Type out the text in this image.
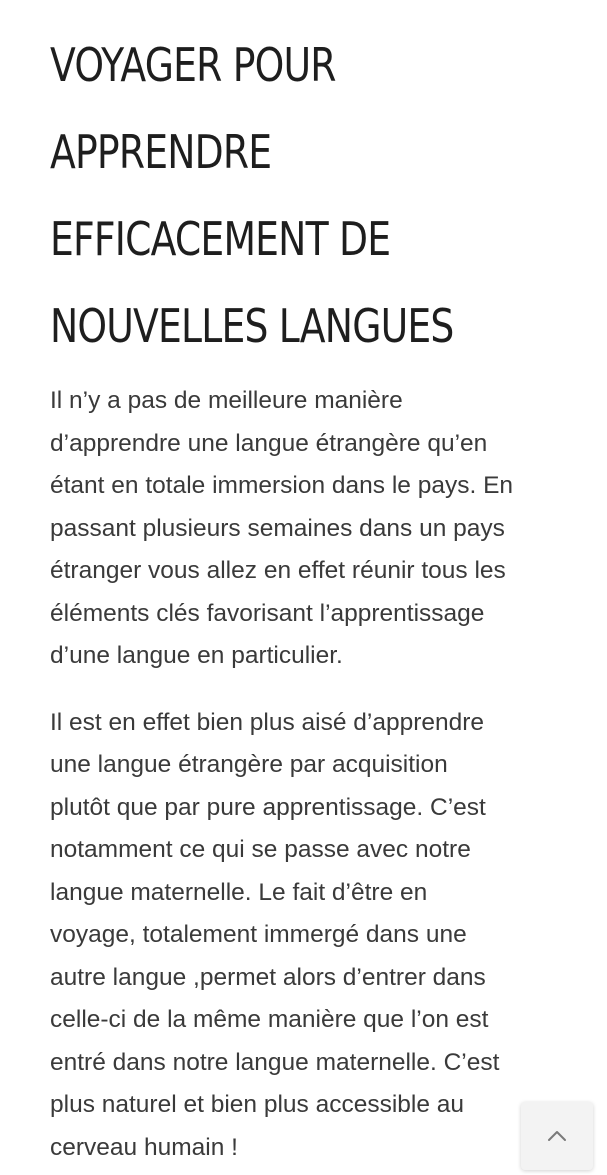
VOYAGER POUR
APPRENDRE
EFFICACEMENT DE
NOUVELLES LANGUES

Il n’y a pas de meilleure manière
d’apprendre une langue étrangère qu’en
étant en totale immersion dans le pays. En
passant plusieurs semaines dans un pays
étranger vous allez en effet réunir tous les
éléments clés favorisant l’apprentissage
d’une langue en particulier.

Il est en effet bien plus aisé d’apprendre
une langue étrangère par acquisition
plutôt que par pure apprentissage. C’est
notamment ce qui se passe avec notre
langue maternelle. Le fait d’être en
voyage, totalement immergé dans une
autre langue ,permet alors d’entrer dans
celle-ci de la même manière que l’on est
entré dans notre langue maternelle. C’est
plus naturel et bien plus accessible au
cerveau humain !
